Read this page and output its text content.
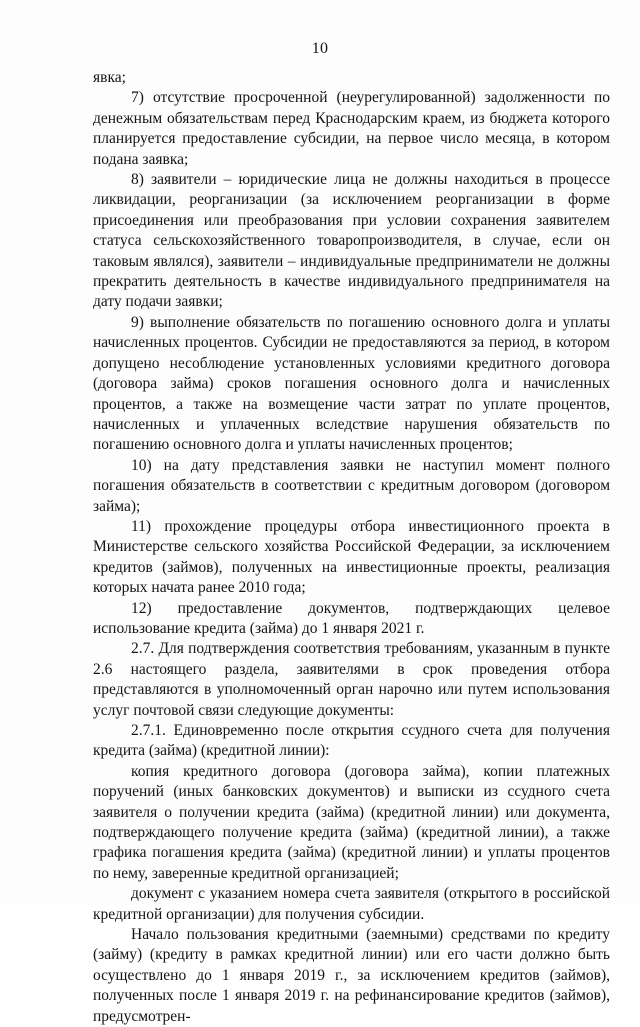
10

явка;

7) отсутствие просроченной (неурегулированной) задолженности по денежным обязательствам перед Краснодарским краем, из бюджета которого планируется предоставление субсидии, на первое число месяца, в котором подана заявка;

8) заявители – юридические лица не должны находиться в процессе ликвидации, реорганизации (за исключением реорганизации в форме присоединения или преобразования при условии сохранения заявителем статуса сельскохозяйственного товаропроизводителя, в случае, если он таковым являлся), заявители – индивидуальные предприниматели не должны прекратить деятельность в качестве индивидуального предпринимателя на дату подачи заявки;

9) выполнение обязательств по погашению основного долга и уплаты начисленных процентов. Субсидии не предоставляются за период, в котором допущено несоблюдение установленных условиями кредитного договора (договора займа) сроков погашения основного долга и начисленных процентов, а также на возмещение части затрат по уплате процентов, начисленных и уплаченных вследствие нарушения обязательств по погашению основного долга и уплаты начисленных процентов;

10) на дату представления заявки не наступил момент полного погашения обязательств в соответствии с кредитным договором (договором займа);

11) прохождение процедуры отбора инвестиционного проекта в Министерстве сельского хозяйства Российской Федерации, за исключением кредитов (займов), полученных на инвестиционные проекты, реализация которых начата ранее 2010 года;

12) предоставление документов, подтверждающих целевое использование кредита (займа) до 1 января 2021 г.

2.7. Для подтверждения соответствия требованиям, указанным в пункте 2.6 настоящего раздела, заявителями в срок проведения отбора представляются в уполномоченный орган нарочно или путем использования услуг почтовой связи следующие документы:

2.7.1. Единовременно после открытия ссудного счета для получения кредита (займа) (кредитной линии):

копия кредитного договора (договора займа), копии платежных поручений (иных банковских документов) и выписки из ссудного счета заявителя о получении кредита (займа) (кредитной линии) или документа, подтверждающего получение кредита (займа) (кредитной линии), а также графика погашения кредита (займа) (кредитной линии) и уплаты процентов по нему, заверенные кредитной организацией;

документ с указанием номера счета заявителя (открытого в российской кредитной организации) для получения субсидии.

Начало пользования кредитными (заемными) средствами по кредиту (займу) (кредиту в рамках кредитной линии) или его части должно быть осуществлено до 1 января 2019 г., за исключением кредитов (займов), полученных после 1 января 2019 г. на рефинансирование кредитов (займов), предусмотрен-
